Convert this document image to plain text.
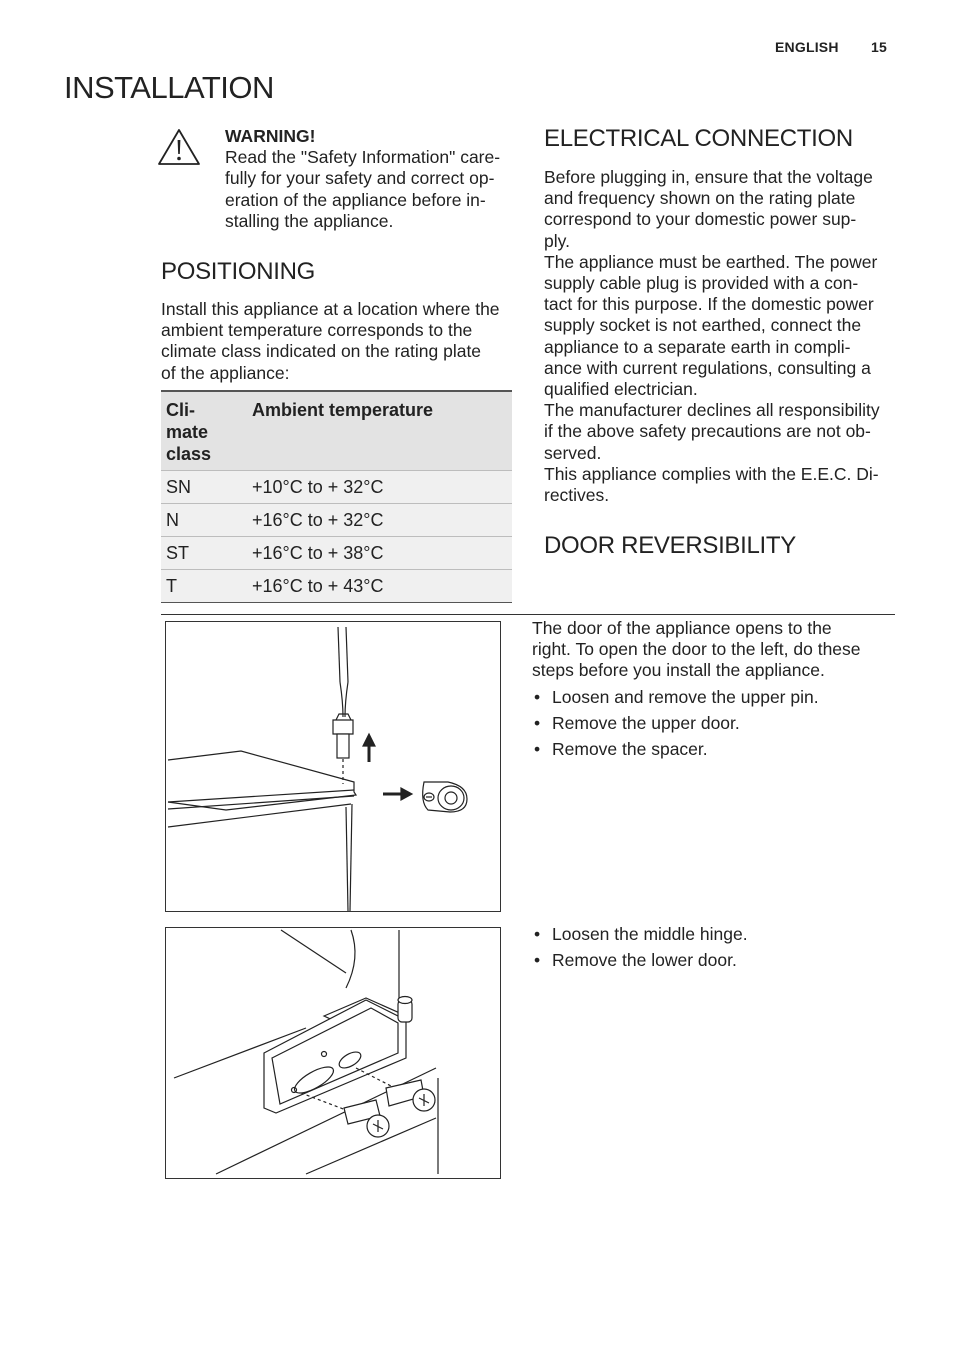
ENGLISH 15
INSTALLATION

WARNING!

Read the "Safety Information" care-

fully for your safety and correct op-

eration of the appliance before in-

stalling the appliance.

POSITIONING

Install this appliance at a location where the

ambient temperature corresponds to the

climate class indicated on the rating plate

of the appliance:

Cli-
mate
class	Ambient temperature
SN	+10°C to + 32°C
N	+16°C to + 32°C
ST	+16°C to + 38°C
T	+16°C to + 43°C
ELECTRICAL CONNECTION

Before plugging in, ensure that the voltage

and frequency shown on the rating plate

correspond to your domestic power sup-

ply.

The appliance must be earthed. The power

supply cable plug is provided with a con-

tact for this purpose. If the domestic power

supply socket is not earthed, connect the

appliance to a separate earth in compli-

ance with current regulations, consulting a

qualified electrician.

The manufacturer declines all responsibility

if the above safety precautions are not ob-

served.

This appliance complies with the E.E.C. Di-

rectives.

DOOR REVERSIBILITY

The door of the appliance opens to the

right. To open the door to the left, do these

steps before you install the appliance.

• Loosen and remove the upper pin.
• Remove the upper door.
• Remove the spacer.
• Loosen the middle hinge.
• Remove the lower door.
